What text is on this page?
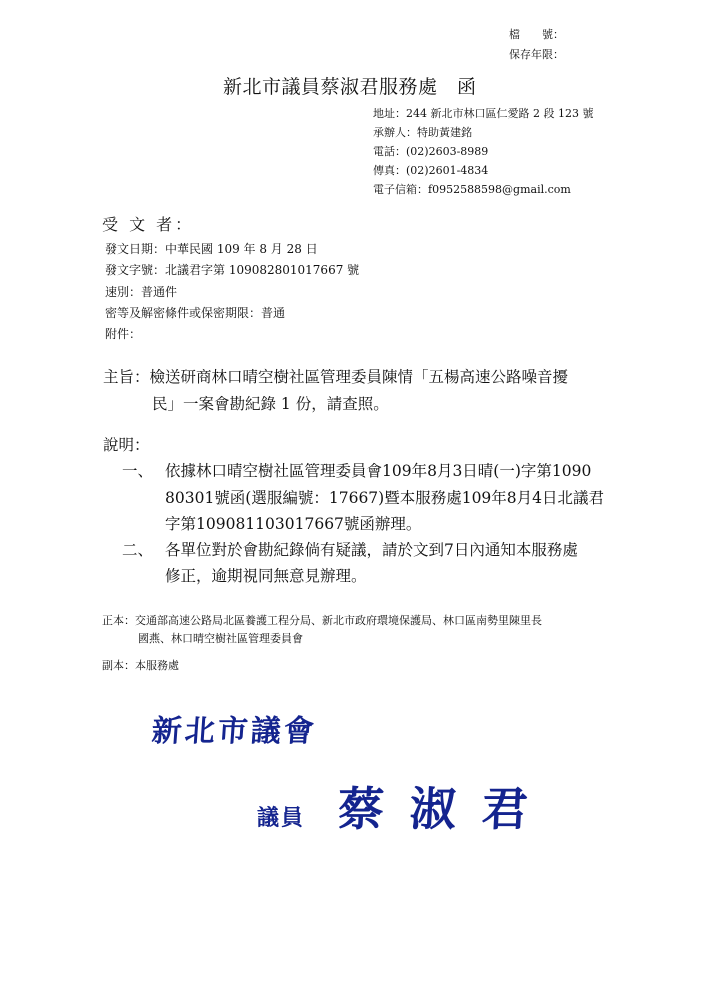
檔　　號：
保存年限：
新北市議員蔡淑君服務處　函
地址：244 新北市林口區仁愛路 2 段 123 號
承辦人：特助黃建銘
電話：(02)2603-8989
傳真：(02)2601-4834
電子信箱：f0952588598@gmail.com
受 文 者：
發文日期：中華民國 109 年 8 月 28 日
發文字號：北議君字第 109082801017667 號
速別：普通件
密等及解密條件或保密期限：普通
附件：
主旨：檢送研商林口晴空樹社區管理委員陳情「五楊高速公路噪音擾
民」一案會勘紀錄 1 份，請查照。
說明：
一、 依據林口晴空樹社區管理委員會109年8月3日晴(一)字第1090
80301號函(選服編號：17667)暨本服務處109年8月4日北議君
字第109081103017667號函辦理。
二、 各單位對於會勘紀錄倘有疑議，請於文到7日內通知本服務處
修正，逾期視同無意見辦理。
正本：交通部高速公路局北區養護工程分局、新北市政府環境保護局、林口區南勢里陳里長
國燕、林口晴空樹社區管理委員會
副本：本服務處
新北市議會
議員 蔡淑君
